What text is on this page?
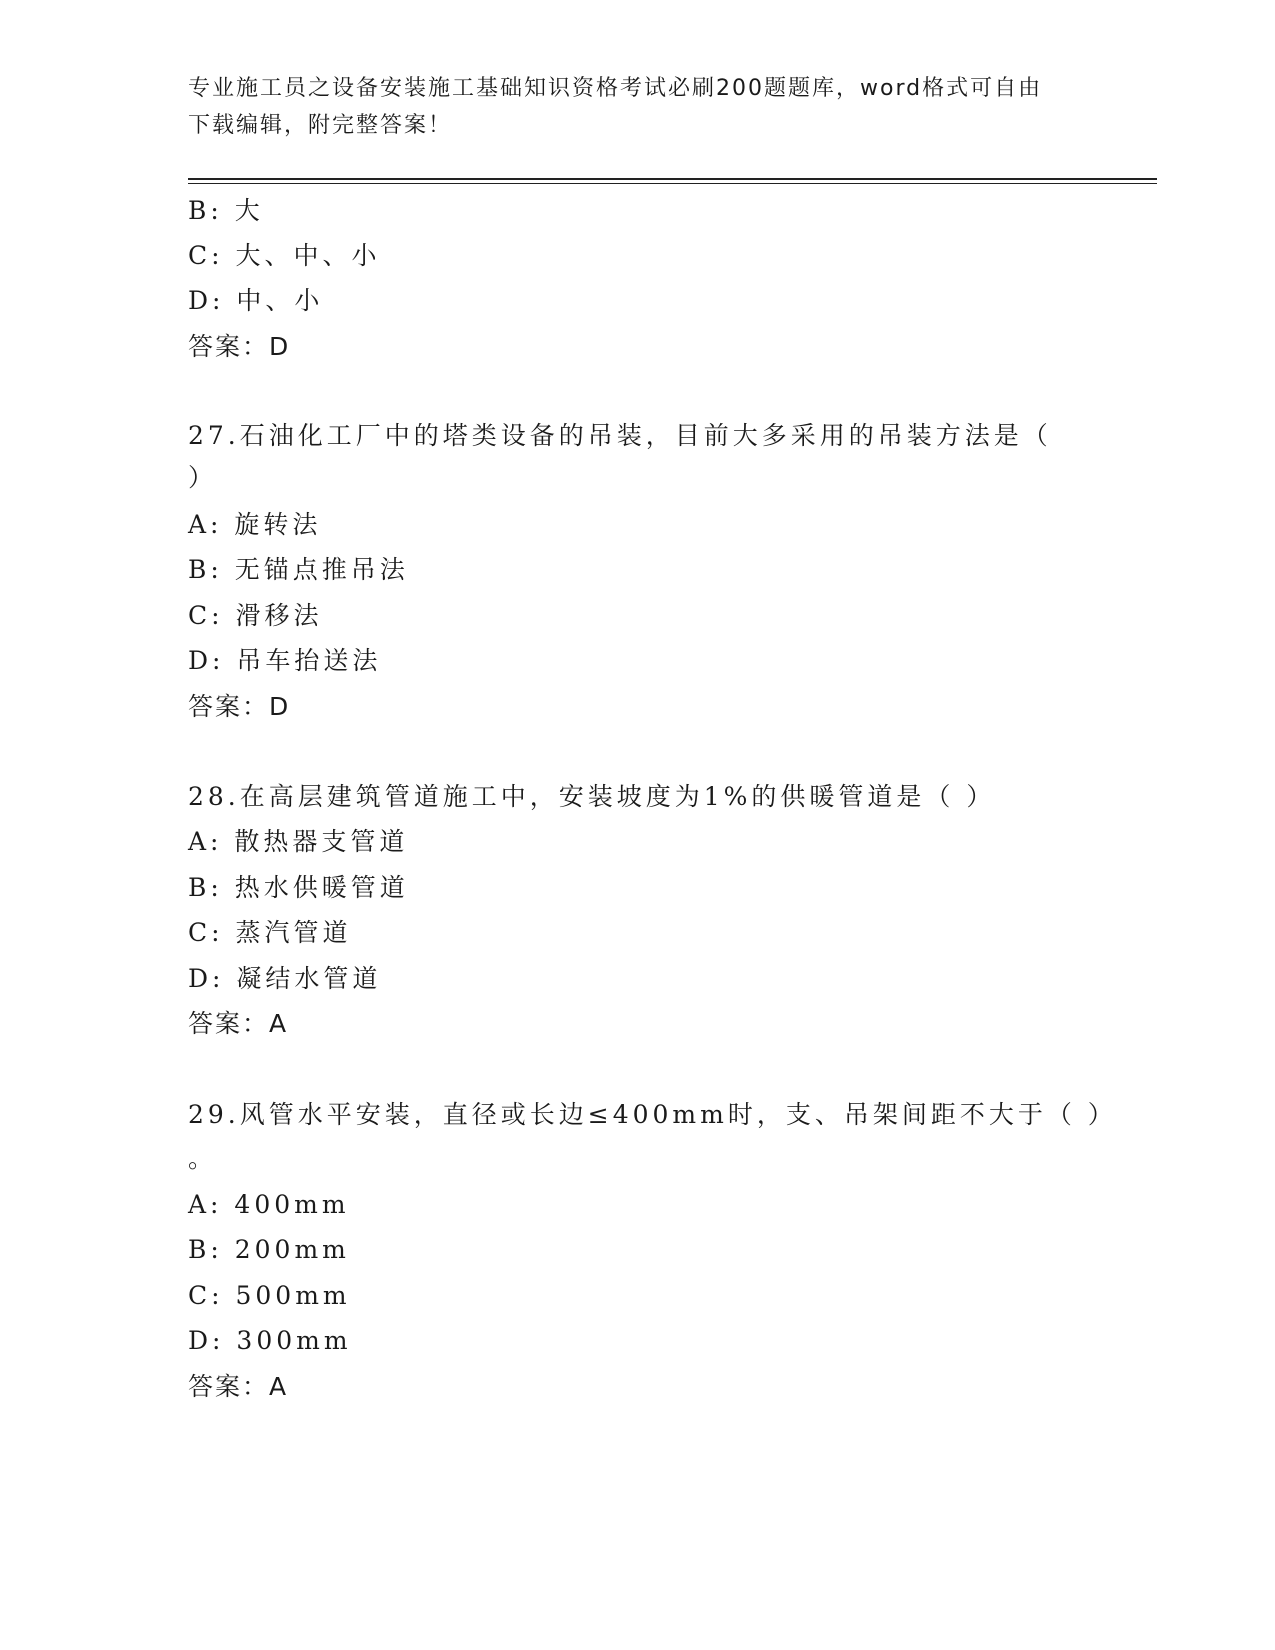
专业施工员之设备安装施工基础知识资格考试必刷200题题库，word格式可自由
下载编辑，附完整答案！
B: 大
C: 大、中、小
D: 中、小
答案：D
27.石油化工厂中的塔类设备的吊装，目前大多采用的吊装方法是（
）
A: 旋转法
B: 无锚点推吊法
C: 滑移法
D: 吊车抬送法
答案：D
28.在高层建筑管道施工中，安装坡度为1%的供暖管道是（ ）
A: 散热器支管道
B: 热水供暖管道
C: 蒸汽管道
D: 凝结水管道
答案：A
29.风管水平安装，直径或长边≤400mm时，支、吊架间距不大于（ ）
。
A: 400mm
B: 200mm
C: 500mm
D: 300mm
答案：A
